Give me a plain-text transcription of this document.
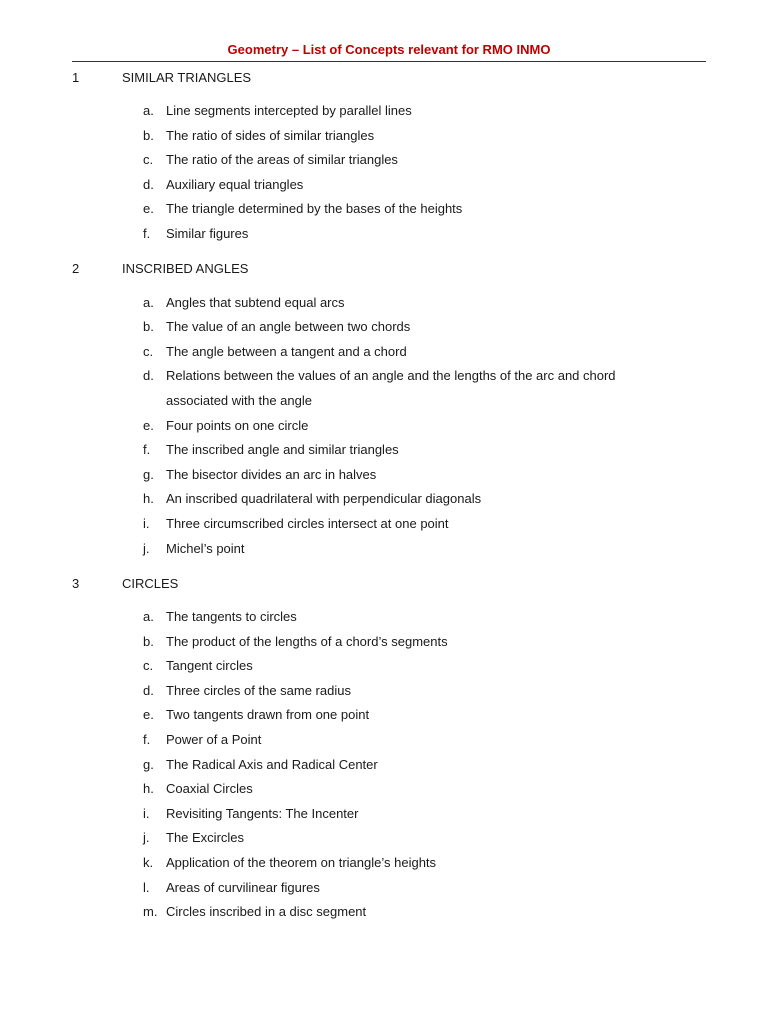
Geometry – List of Concepts relevant for RMO INMO
1	SIMILAR TRIANGLES
a. Line segments intercepted by parallel lines
b. The ratio of sides of similar triangles
c. The ratio of the areas of similar triangles
d. Auxiliary equal triangles
e. The triangle determined by the bases of the heights
f.	Similar figures
2	INSCRIBED ANGLES
a. Angles that subtend equal arcs
b. The value of an angle between two chords
c. The angle between a tangent and a chord
d. Relations between the values of an angle and the lengths of the arc and chord associated with the angle
e. Four points on one circle
f.	The inscribed angle and similar triangles
g. The bisector divides an arc in halves
h. An inscribed quadrilateral with perpendicular diagonals
i.	Three circumscribed circles intersect at one point
j.	Michel’s point
3	CIRCLES
a. The tangents to circles
b. The product of the lengths of a chord’s segments
c. Tangent circles
d. Three circles of the same radius
e. Two tangents drawn from one point
f.	Power of a Point
g. The Radical Axis and Radical Center
h. Coaxial Circles
i.	Revisiting Tangents: The Incenter
j.	The Excircles
k. Application of the theorem on triangle’s heights
l.	Areas of curvilinear figures
m. Circles inscribed in a disc segment
